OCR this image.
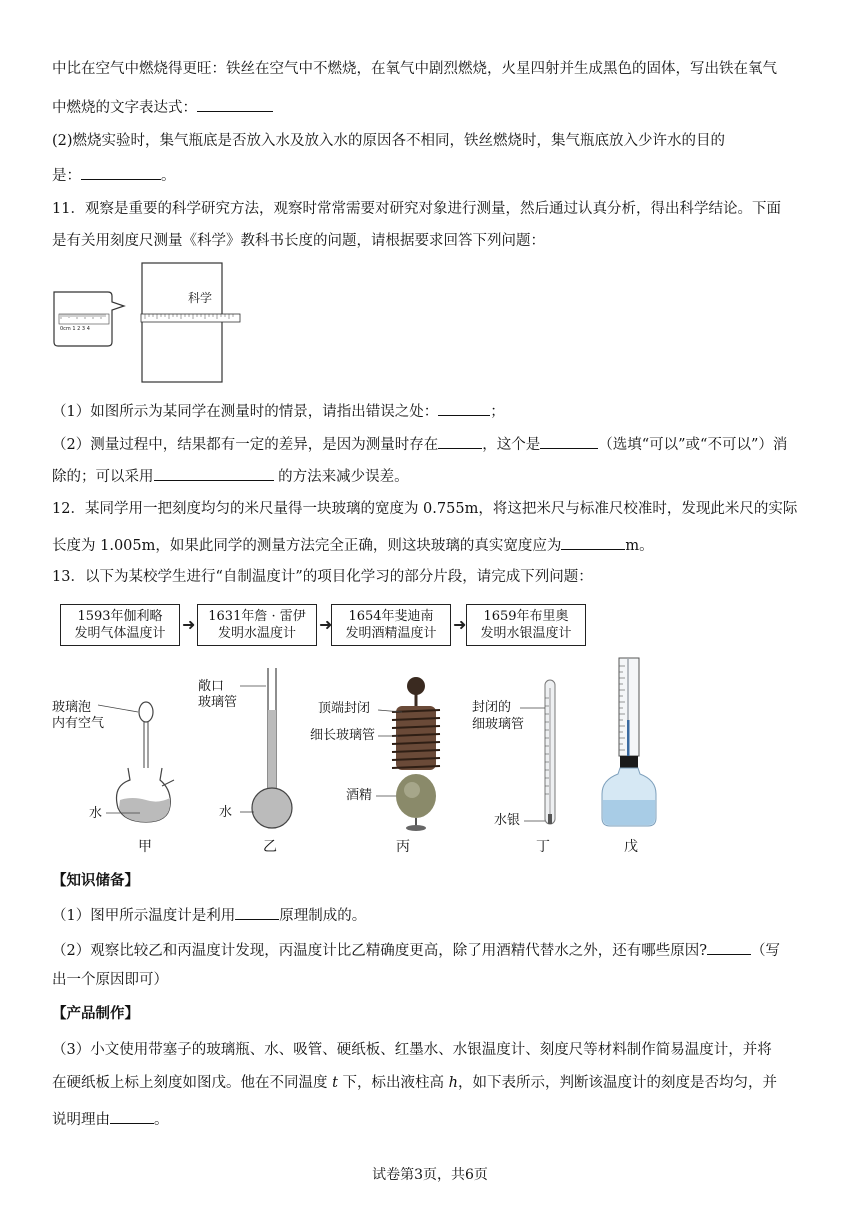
中比在空气中燃烧得更旺：铁丝在空气中不燃烧，在氧气中剧烈燃烧，火星四射并生成黑色的固体，写出铁在氧气
中燃烧的文字表达式：
(2)燃烧实验时，集气瓶底是否放入水及放入水的原因各不相同，铁丝燃烧时，集气瓶底放入少许水的目的
是：	。
11．观察是重要的科学研究方法，观察时常常需要对研究对象进行测量，然后通过认真分析，得出科学结论。下面
是有关用刻度尺测量《科学》教科书长度的问题，请根据要求回答下列问题：
科学
0cm 1 2 3 4
（1）如图所示为某同学在测量时的情景，请指出错误之处：	；
（2）测量过程中，结果都有一定的差异，是因为测量时存在	，这个是	（选填“可以”或“不可以”）消
除的；可以采用	的方法来减少误差。
12．某同学用一把刻度均匀的米尺量得一块玻璃的宽度为 0.755m，将这把米尺与标准尺校准时，发现此米尺的实际
长度为 1.005m，如果此同学的测量方法完全正确，则这块玻璃的真实宽度应为	m。
13．以下为某校学生进行“自制温度计”的项目化学习的部分片段，请完成下列问题：
1593年伽利略
发明气体温度计	➜ 1631年詹 · 雷伊
发明水温度计	➜	1654年斐迪南
发明酒精温度计	➜	1659年布里奥
发明水银温度计
玻璃泡
内有空气
水
敞口
玻璃管
水
顶端封闭
细长玻璃管
酒精
封闭的
细玻璃管
水银
甲	乙	丙	丁	戊
【知识储备】
（1）图甲所示温度计是利用	原理制成的。
（2）观察比较乙和丙温度计发现，丙温度计比乙精确度更高，除了用酒精代替水之外，还有哪些原因?	（写
出一个原因即可）
【产品制作】
（3）小文使用带塞子的玻璃瓶、水、吸管、硬纸板、红墨水、水银温度计、刻度尺等材料制作简易温度计，并将
在硬纸板上标上刻度如图戊。他在不同温度 t 下，标出液柱高 h，如下表所示，判断该温度计的刻度是否均匀，并
说明理由	。
试卷第3页，共6页
